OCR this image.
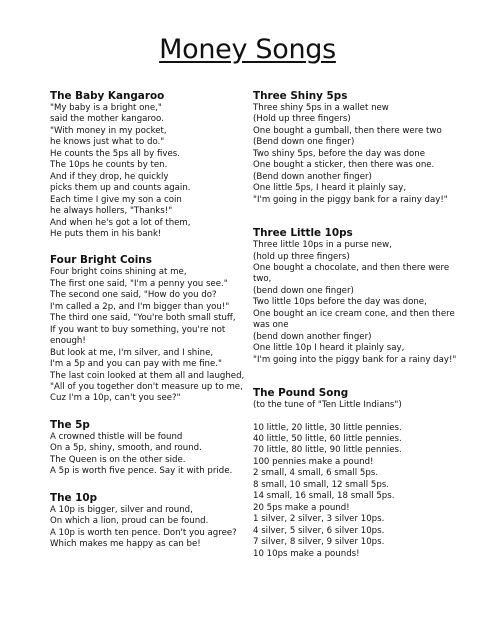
Money Songs
The Baby Kangaroo
"My baby is a bright one,"
said the mother kangaroo.
"With money in my pocket,
he knows just what to do."
He counts the 5ps all by fives.
The 10ps he counts by ten.
And if they drop, he quickly
picks them up and counts again.
Each time I give my son a coin
he always hollers, "Thanks!"
And when he's got a lot of them,
He puts them in his bank!
Four Bright Coins
Four bright coins shining at me,
The first one said, "I'm a penny you see."
The second one said, "How do you do?
I'm called a 2p, and I'm bigger than you!"
The third one said, "You're both small stuff,
If you want to buy something, you're not
enough!
But look at me, I'm silver, and I shine,
I'm a 5p and you can pay with me fine."
The last coin looked at them all and laughed,
"All of you together don't measure up to me,
Cuz I'm a 10p, can't you see?"
The 5p
A crowned thistle will be found
On a 5p, shiny, smooth, and round.
The Queen is on the other side.
A 5p is worth five pence. Say it with pride.
The 10p
A 10p is bigger, silver and round,
On which a lion, proud can be found.
A 10p is worth ten pence. Don't you agree?
Which makes me happy as can be!
Three Shiny 5ps
Three shiny 5ps in a wallet new
(Hold up three fingers)
One bought a gumball, then there were two
(Bend down one finger)
Two shiny 5ps, before the day was done
One bought a sticker, then there was one.
(Bend down another finger)
One little 5ps, I heard it plainly say,
"I'm going in the piggy bank for a rainy day!"
Three Little 10ps
Three little 10ps in a purse new,
(hold up three fingers)
One bought a chocolate, and then there were
two,
(bend down one finger)
Two little 10ps before the day was done,
One bought an ice cream cone, and then there
was one
(bend down another finger)
One little 10p I heard it plainly say,
"I'm going into the piggy bank for a rainy day!"
The Pound Song
(to the tune of "Ten Little Indians")
10 little, 20 little, 30 little pennies.
40 little, 50 little, 60 little pennies.
70 little, 80 little, 90 little pennies.
100 pennies make a pound!
2 small, 4 small, 6 small 5ps.
8 small, 10 small, 12 small 5ps.
14 small, 16 small, 18 small 5ps.
20 5ps make a pound!
1 silver, 2 silver, 3 silver 10ps.
4 silver, 5 silver, 6 silver 10ps.
7 silver, 8 silver, 9 silver 10ps.
10 10ps make a pounds!
